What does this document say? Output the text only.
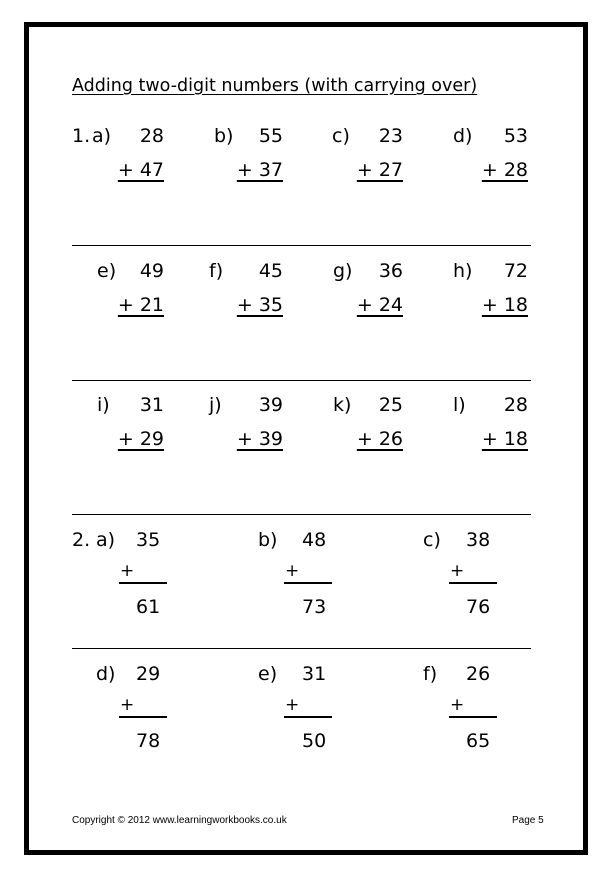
Adding two-digit numbers (with carrying over)
1. a)	28
+ 47
b)	55
+ 37
c)	23
+ 27
d)	53
+ 28
e)	49
+ 21
f)	45
+ 35
g)	36
+ 24
h)	72
+ 18
i)	31
+ 29
j)	39
+ 39
k)	25
+ 26
l)	28
+ 18
a) 35
+
61
b) 48
+
73
c) 38
+
76
d) 29
+
78
e) 31
+
50
f) 26
+
65
2.
Copyright © 2012 www.learningworkbooks.co.uk	Page 5
